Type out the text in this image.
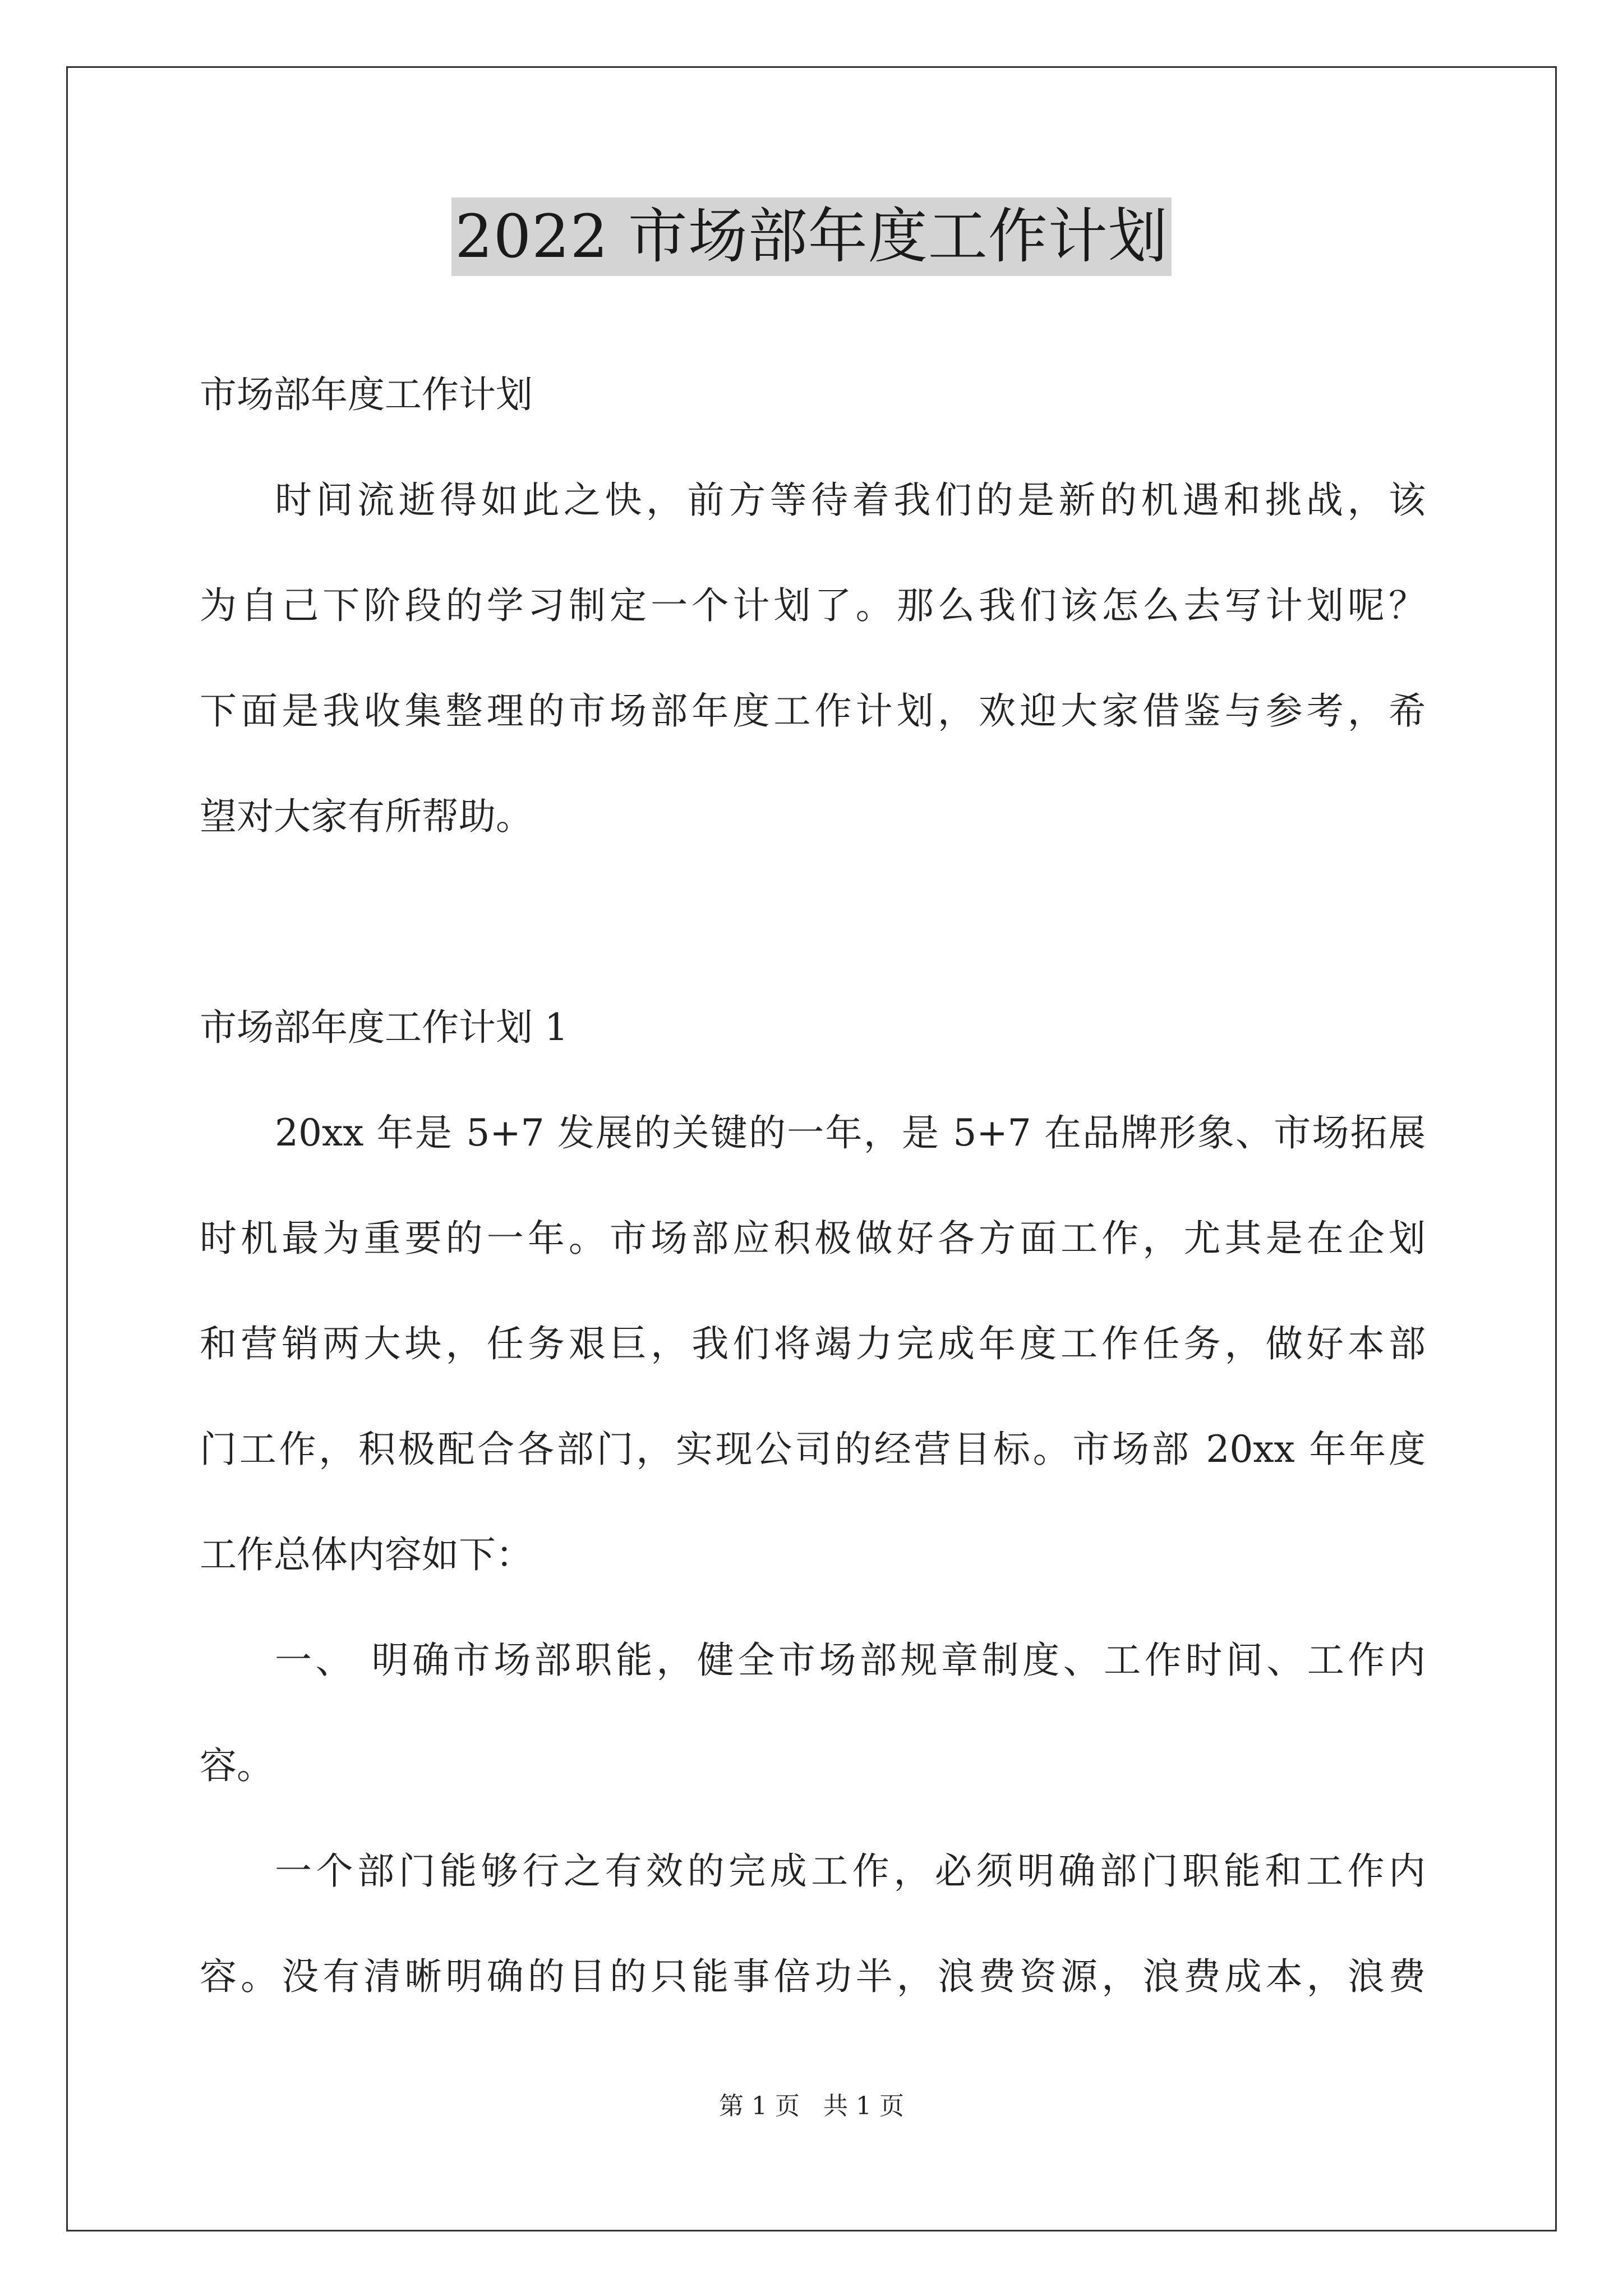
2022 市场部年度工作计划
市场部年度工作计划
时间流逝得如此之快，前方等待着我们的是新的机遇和挑战，该
为自己下阶段的学习制定一个计划了。那么我们该怎么去写计划呢？
下面是我收集整理的市场部年度工作计划，欢迎大家借鉴与参考，希
望对大家有所帮助。
市场部年度工作计划 1
20xx 年是 5+7 发展的关键的一年，是 5+7 在品牌形象、市场拓展
时机最为重要的一年。市场部应积极做好各方面工作，尤其是在企划
和营销两大块，任务艰巨，我们将竭力完成年度工作任务，做好本部
门工作，积极配合各部门，实现公司的经营目标。市场部 20xx 年年度
工作总体内容如下：
一、 明确市场部职能，健全市场部规章制度、工作时间、工作内
容。
一个部门能够行之有效的完成工作，必须明确部门职能和工作内
容。没有清晰明确的目的只能事倍功半，浪费资源，浪费成本，浪费
第 1 页 共 1 页
